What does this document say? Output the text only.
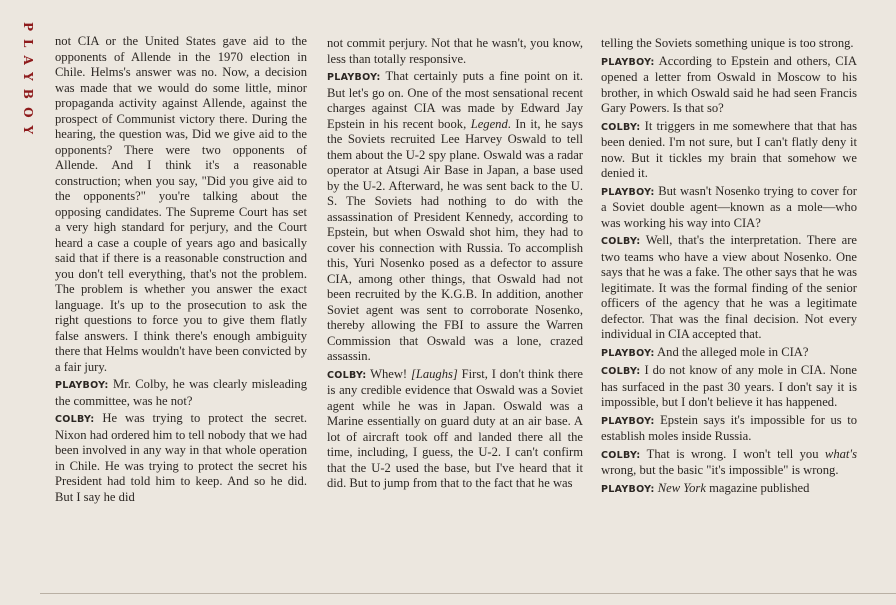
PLAYBOY not CIA or the United States gave aid to the opponents of Allende in the 1970 election in Chile. Helms's answer was no. Now, a decision was made that we would do some little, minor propaganda activity against Allende, against the prospect of Communist victory there. During the hearing, the question was, Did we give aid to the opponents? There were two opponents of Allende. And I think it's a reasonable construction; when you say, "Did you give aid to the opponents?" you're talking about the opposing candidates. The Supreme Court has set a very high standard for perjury, and the Court heard a case a couple of years ago and basically said that if there is a reasonable construction and you don't tell everything, that's not the problem. The problem is whether you answer the exact language. It's up to the prosecution to ask the right questions to force you to give them flatly false answers. I think there's enough ambiguity there that Helms wouldn't have been convicted by a fair jury.

PLAYBOY: Mr. Colby, he was clearly misleading the committee, was he not?

COLBY: He was trying to protect the secret. Nixon had ordered him to tell nobody that we had been involved in any way in that whole operation in Chile. He was trying to protect the secret his President had told him to keep. And so he did. But I say he did

not commit perjury. Not that he wasn't, you know, less than totally responsive.

PLAYBOY: That certainly puts a fine point on it. But let's go on. One of the most sensational recent charges against CIA was made by Edward Jay Epstein in his recent book, Legend. In it, he says the Soviets recruited Lee Harvey Oswald to tell them about the U-2 spy plane. Oswald was a radar operator at Atsugi Air Base in Japan, a base used by the U-2. Afterward, he was sent back to the U. S. The Soviets had nothing to do with the assassination of President Kennedy, according to Epstein, but when Oswald shot him, they had to cover his connection with Russia. To accomplish this, Yuri Nosenko posed as a defector to assure CIA, among other things, that Oswald had not been recruited by the K.G.B. In addition, another Soviet agent was sent to corroborate Nosenko, thereby allowing the FBI to assure the Warren Commission that Oswald was a lone, crazed assassin.

COLBY: Whew! [Laughs] First, I don't think there is any credible evidence that Oswald was a Soviet agent while he was in Japan. Oswald was a Marine essentially on guard duty at an air base. A lot of aircraft took off and landed there all the time, including, I guess, the U-2. I can't confirm that the U-2 used the base, but I've heard that it did. But to jump from that to the fact that he was

telling the Soviets something unique is too strong.

PLAYBOY: According to Epstein and others, CIA opened a letter from Oswald in Moscow to his brother, in which Oswald said he had seen Francis Gary Powers. Is that so?

COLBY: It triggers in me somewhere that that has been denied. I'm not sure, but I can't flatly deny it now. But it tickles my brain that somehow we denied it.

PLAYBOY: But wasn't Nosenko trying to cover for a Soviet double agent—known as a mole—who was working his way into CIA?

COLBY: Well, that's the interpretation. There are two teams who have a view about Nosenko. One says that he was a fake. The other says that he was legitimate. It was the formal finding of the senior officers of the agency that he was a legitimate defector. That was the final decision. Not every individual in CIA accepted that.

PLAYBOY: And the alleged mole in CIA?

COLBY: I do not know of any mole in CIA. None has surfaced in the past 30 years. I don't say it is impossible, but I don't believe it has happened.

PLAYBOY: Epstein says it's impossible for us to establish moles inside Russia.

COLBY: That is wrong. I won't tell you what's wrong, but the basic "it's impossible" is wrong.

PLAYBOY: New York magazine published
